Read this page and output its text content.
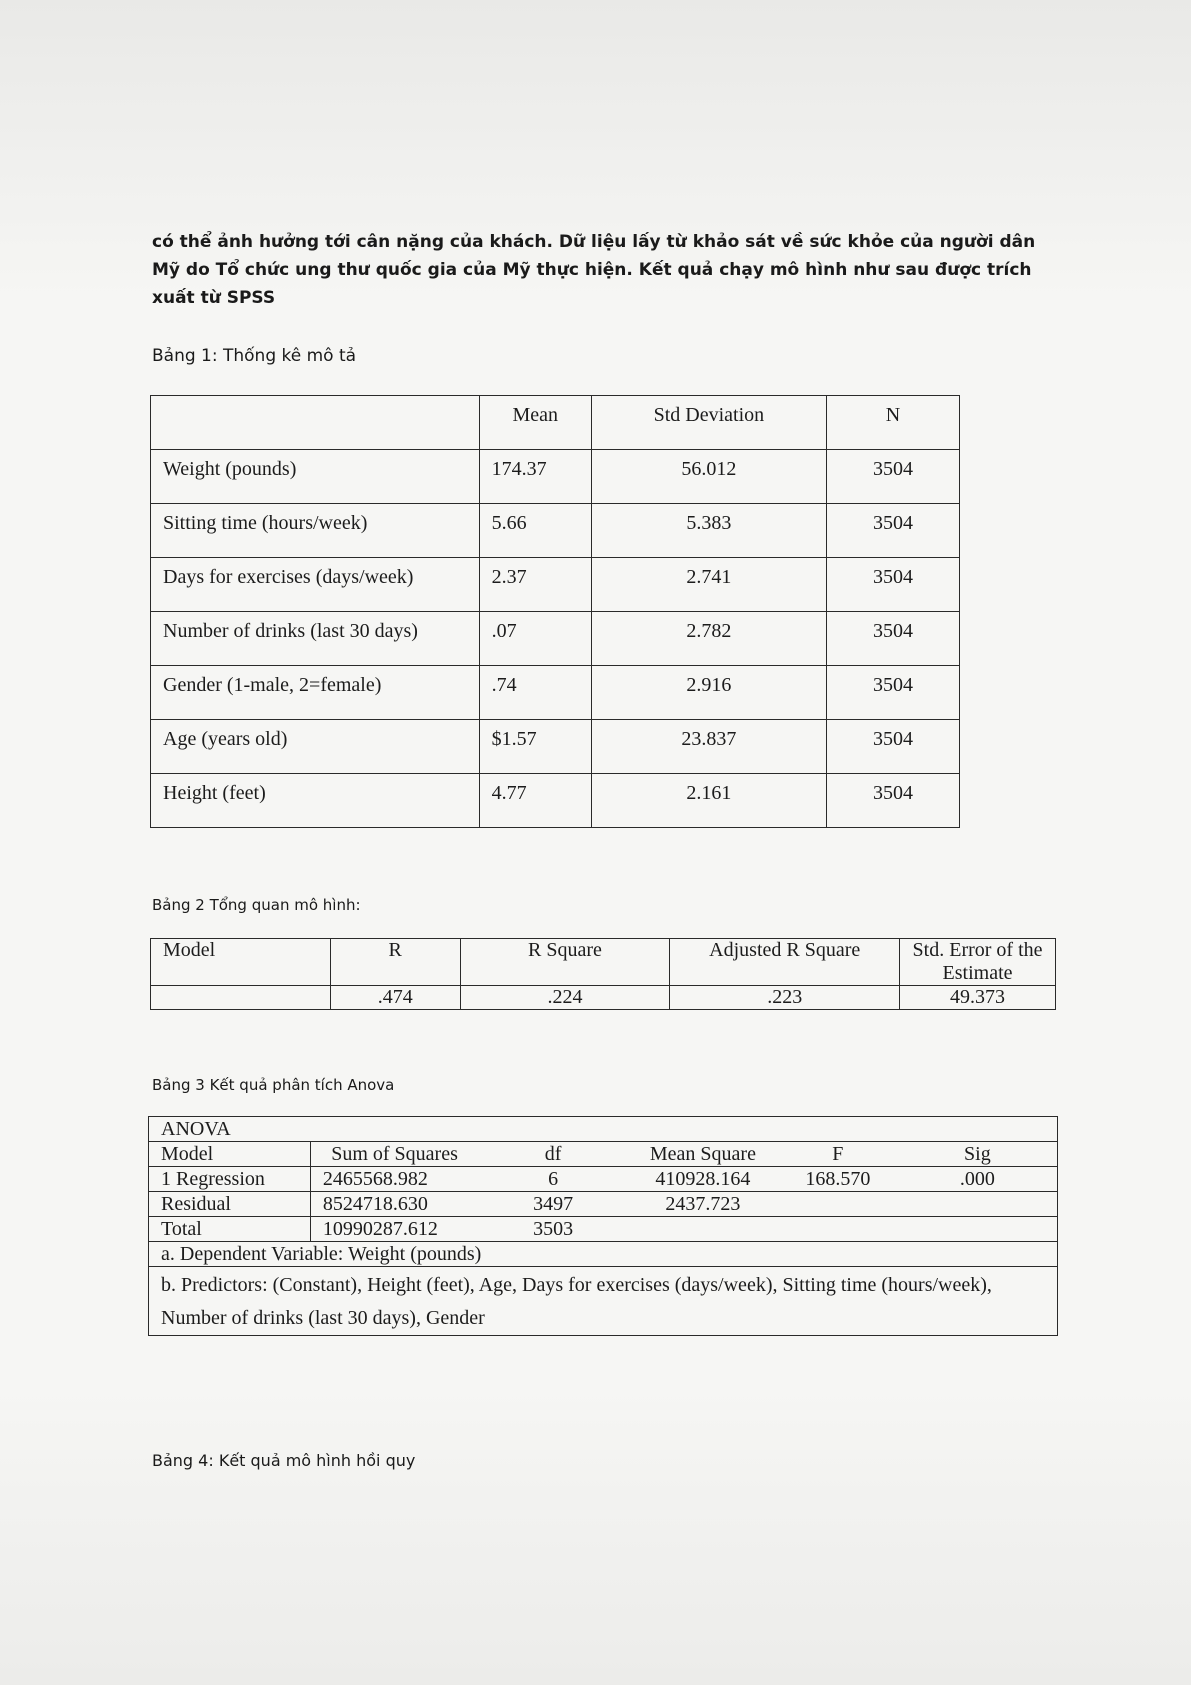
có thể ảnh hưởng tới cân nặng của khách. Dữ liệu lấy từ khảo sát về sức khỏe của người dân Mỹ do Tổ chức ung thư quốc gia của Mỹ thực hiện. Kết quả chạy mô hình như sau được trích xuất từ SPSS
Bảng 1: Thống kê mô tả
	Mean	Std Deviation	N
Weight (pounds)	174.37	56.012	3504
Sitting time (hours/week)	5.66	5.383	3504
Days for exercises (days/week)	2.37	2.741	3504
Number of drinks (last 30 days)	.07	2.782	3504
Gender (1-male, 2=female)	.74	2.916	3504
Age (years old)	$1.57	23.837	3504
Height (feet)	4.77	2.161	3504
Bảng 2 Tổng quan mô hình:
Model	R	R Square	Adjusted R Square	Std. Error of the Estimate
	.474	.224	.223	49.373
Bảng 3 Kết quả phân tích Anova
ANOVA					
Model	Sum of Squares	df	Mean Square	F	Sig
1 Regression	2465568.982	6	410928.164	168.570	.000
Residual	8524718.630	3497	2437.723		
Total	10990287.612	3503			
a. Dependent Variable: Weight (pounds)					
b. Predictors: (Constant), Height (feet), Age, Days for exercises (days/week), Sitting time (hours/wеek), Number of drinks (last 30 days), Gender					
Bảng 4: Kết quả mô hình hồi quy
